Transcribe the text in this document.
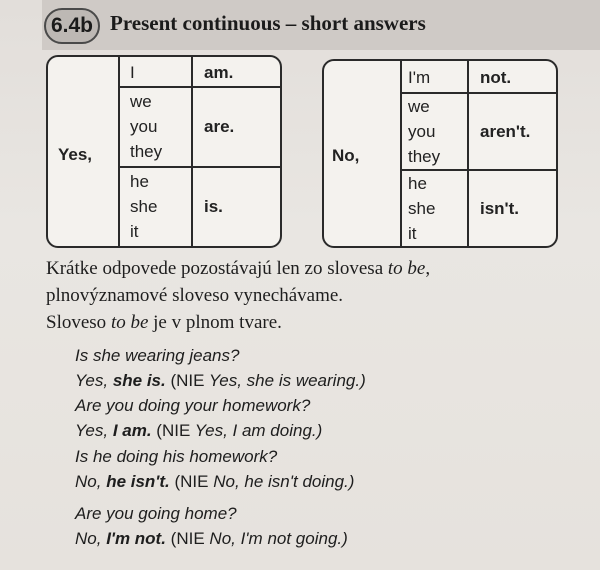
6.4b Present continuous – short answers
Yes,
I	am.
we
you
they
are.
he
she
it
is.
No,
I'm	not.
we
you
they
aren't.
he
she
it
isn't.
Krátke odpovede pozostávajú len zo slovesa to be,
plnovýznamové sloveso vynechávame.
Sloveso to be je v plnom tvare.
Is she wearing jeans?
Yes, she is. (NIE Yes, she is wearing.)
Are you doing your homework?
Yes, I am. (NIE Yes, I am doing.)
Is he doing his homework?
No, he isn't. (NIE No, he isn't doing.)
Are you going home?
No, I'm not. (NIE No, I'm not going.)
